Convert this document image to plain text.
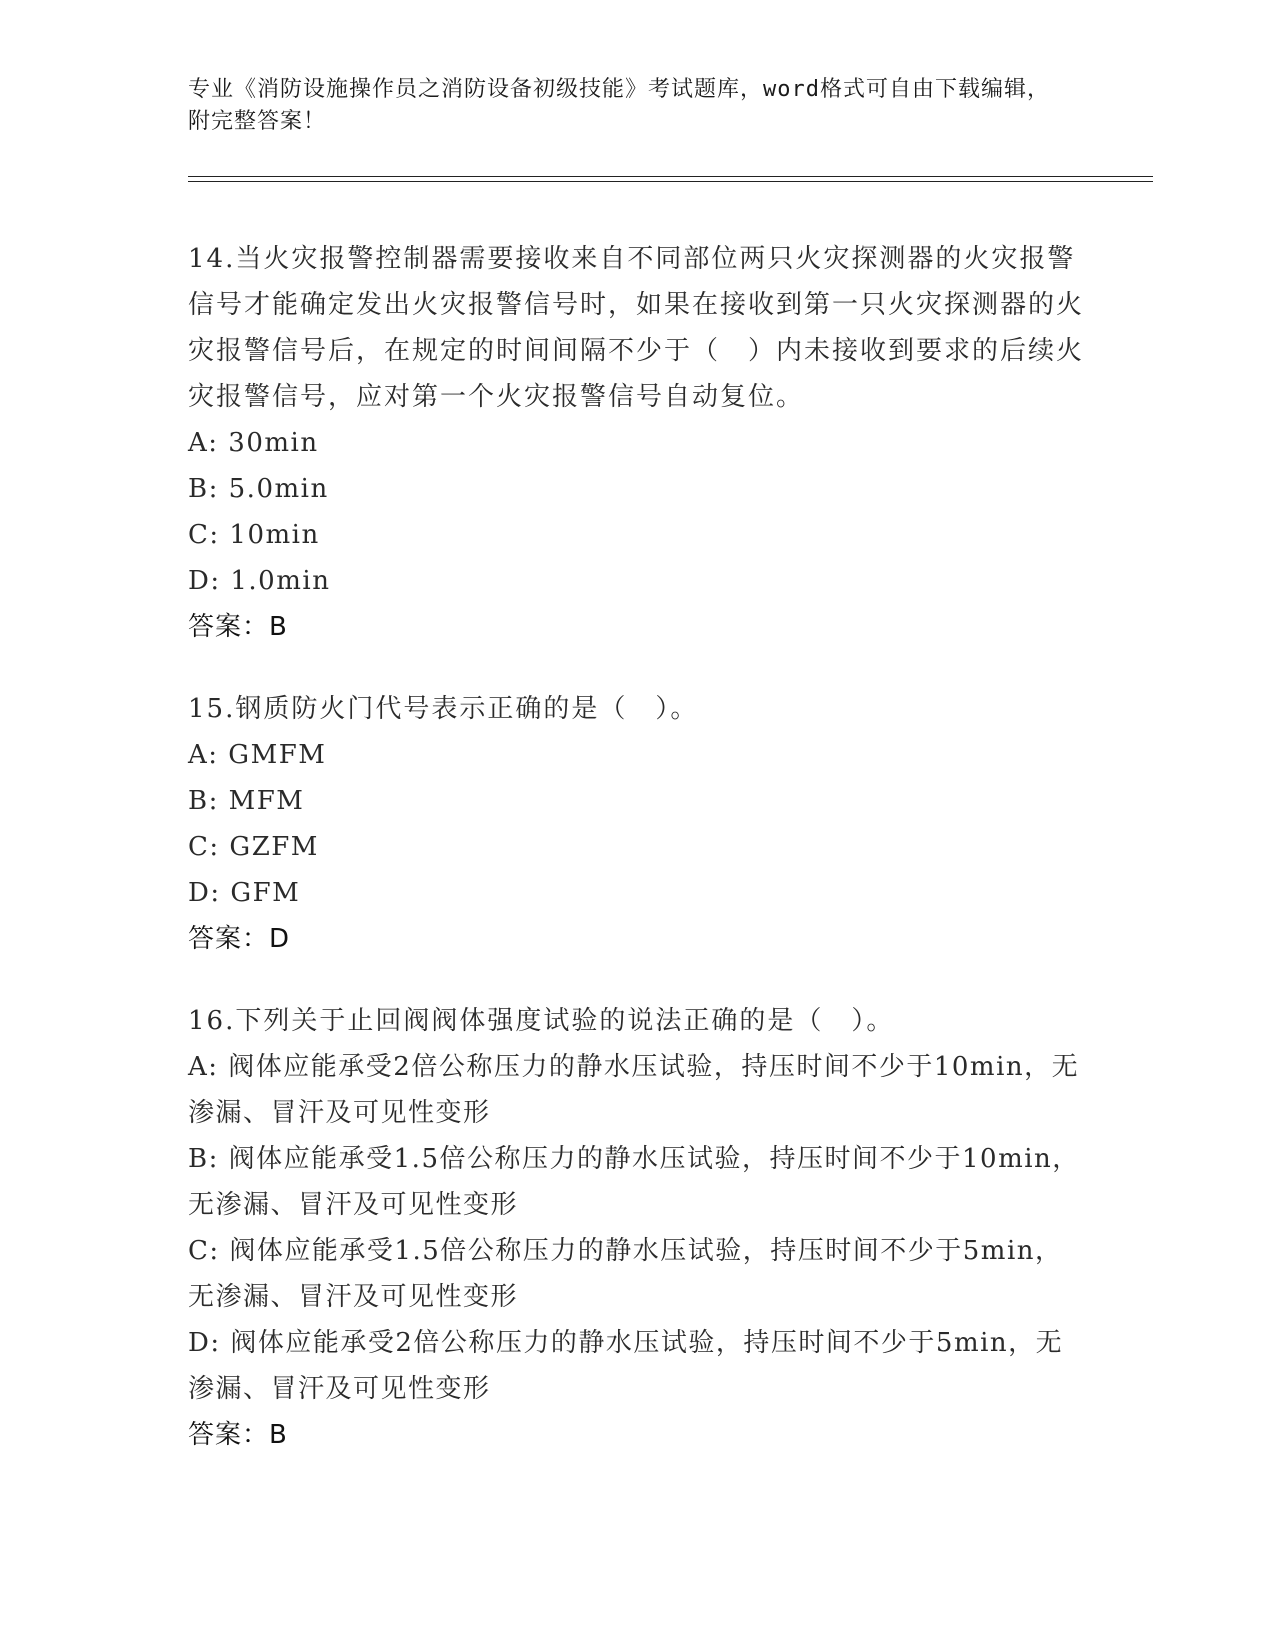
专业《消防设施操作员之消防设备初级技能》考试题库，word格式可自由下载编辑，附完整答案！

14.当火灾报警控制器需要接收来自不同部位两只火灾探测器的火灾报警信号才能确定发出火灾报警信号时，如果在接收到第一只火灾探测器的火灾报警信号后，在规定的时间间隔不少于（　）内未接收到要求的后续火灾报警信号，应对第一个火灾报警信号自动复位。

A: 30min

B: 5.0min

C: 10min

D: 1.0min

答案：B

15.钢质防火门代号表示正确的是（　）。

A: GMFM

B: MFM

C: GZFM

D: GFM

答案：D

16.下列关于止回阀阀体强度试验的说法正确的是（　）。

A: 阀体应能承受2倍公称压力的静水压试验，持压时间不少于10min，无渗漏、冒汗及可见性变形

B: 阀体应能承受1.5倍公称压力的静水压试验，持压时间不少于10min，无渗漏、冒汗及可见性变形

C: 阀体应能承受1.5倍公称压力的静水压试验，持压时间不少于5min，无渗漏、冒汗及可见性变形

D: 阀体应能承受2倍公称压力的静水压试验，持压时间不少于5min，无渗漏、冒汗及可见性变形

答案：B
